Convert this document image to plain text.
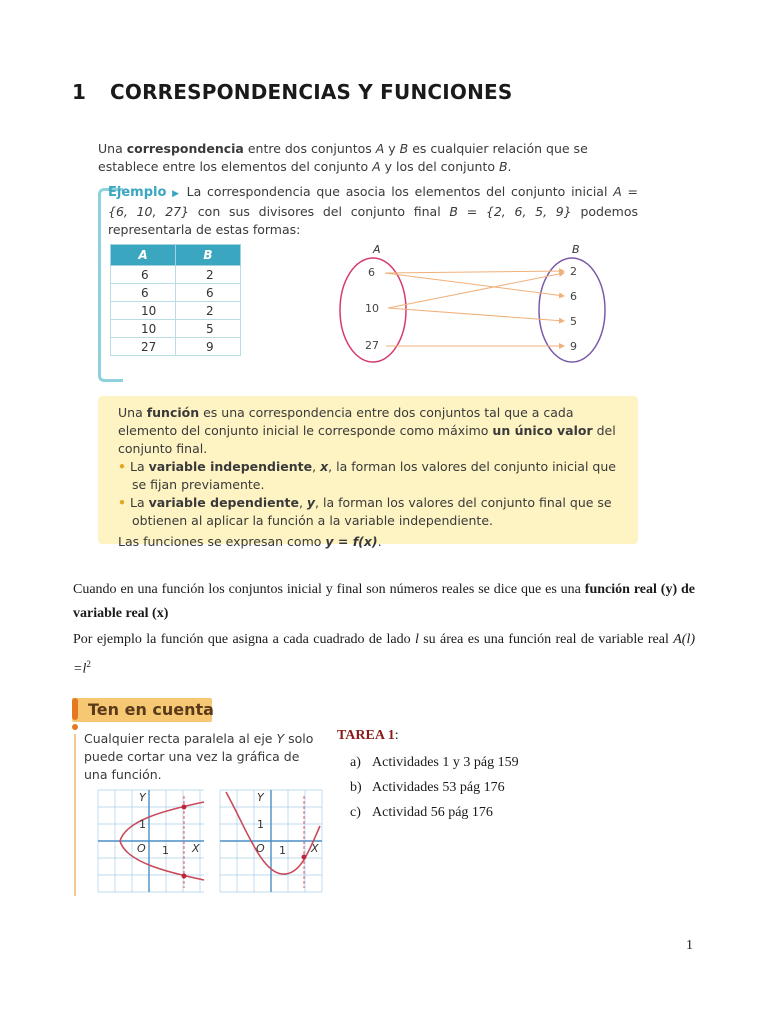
1 CORRESPONDENCIAS Y FUNCIONES
Una correspondencia entre dos conjuntos A y B es cualquier relación que se establece entre los elementos del conjunto A y los del conjunto B.
Ejemplo ▶ La correspondencia que asocia los elementos del conjunto inicial A = {6, 10, 27} con sus divisores del conjunto final B = {2, 6, 5, 9} podemos representarla de estas formas:
A	B
6	2
6	6
10	2
10	5
27	9
A	B
6
10
27
2
6
5
9
Una función es una correspondencia entre dos conjuntos tal que a cada elemento del conjunto inicial le corresponde como máximo un único valor del conjunto final.
• La variable independiente, x, la forman los valores del conjunto inicial que se fijan previamente.
• La variable dependiente, y, la forman los valores del conjunto final que se obtienen al aplicar la función a la variable independiente.
Las funciones se expresan como y = f(x).
Cuando en una función los conjuntos inicial y final son números reales se dice que es una función real (y) de variable real (x)
Por ejemplo la función que asigna a cada cuadrado de lado l su área es una función real de variable real $A(l) =l^2$
Ten en cuenta
Cualquier recta paralela al eje Y solo puede cortar una vez la gráfica de una función.
Y
1
O 1 X
Y
1
O 1 X
TAREA 1:
a) Actividades 1 y 3 pág 159
b) Actividades 53 pág 176
c) Actividad 56 pág 176
1
